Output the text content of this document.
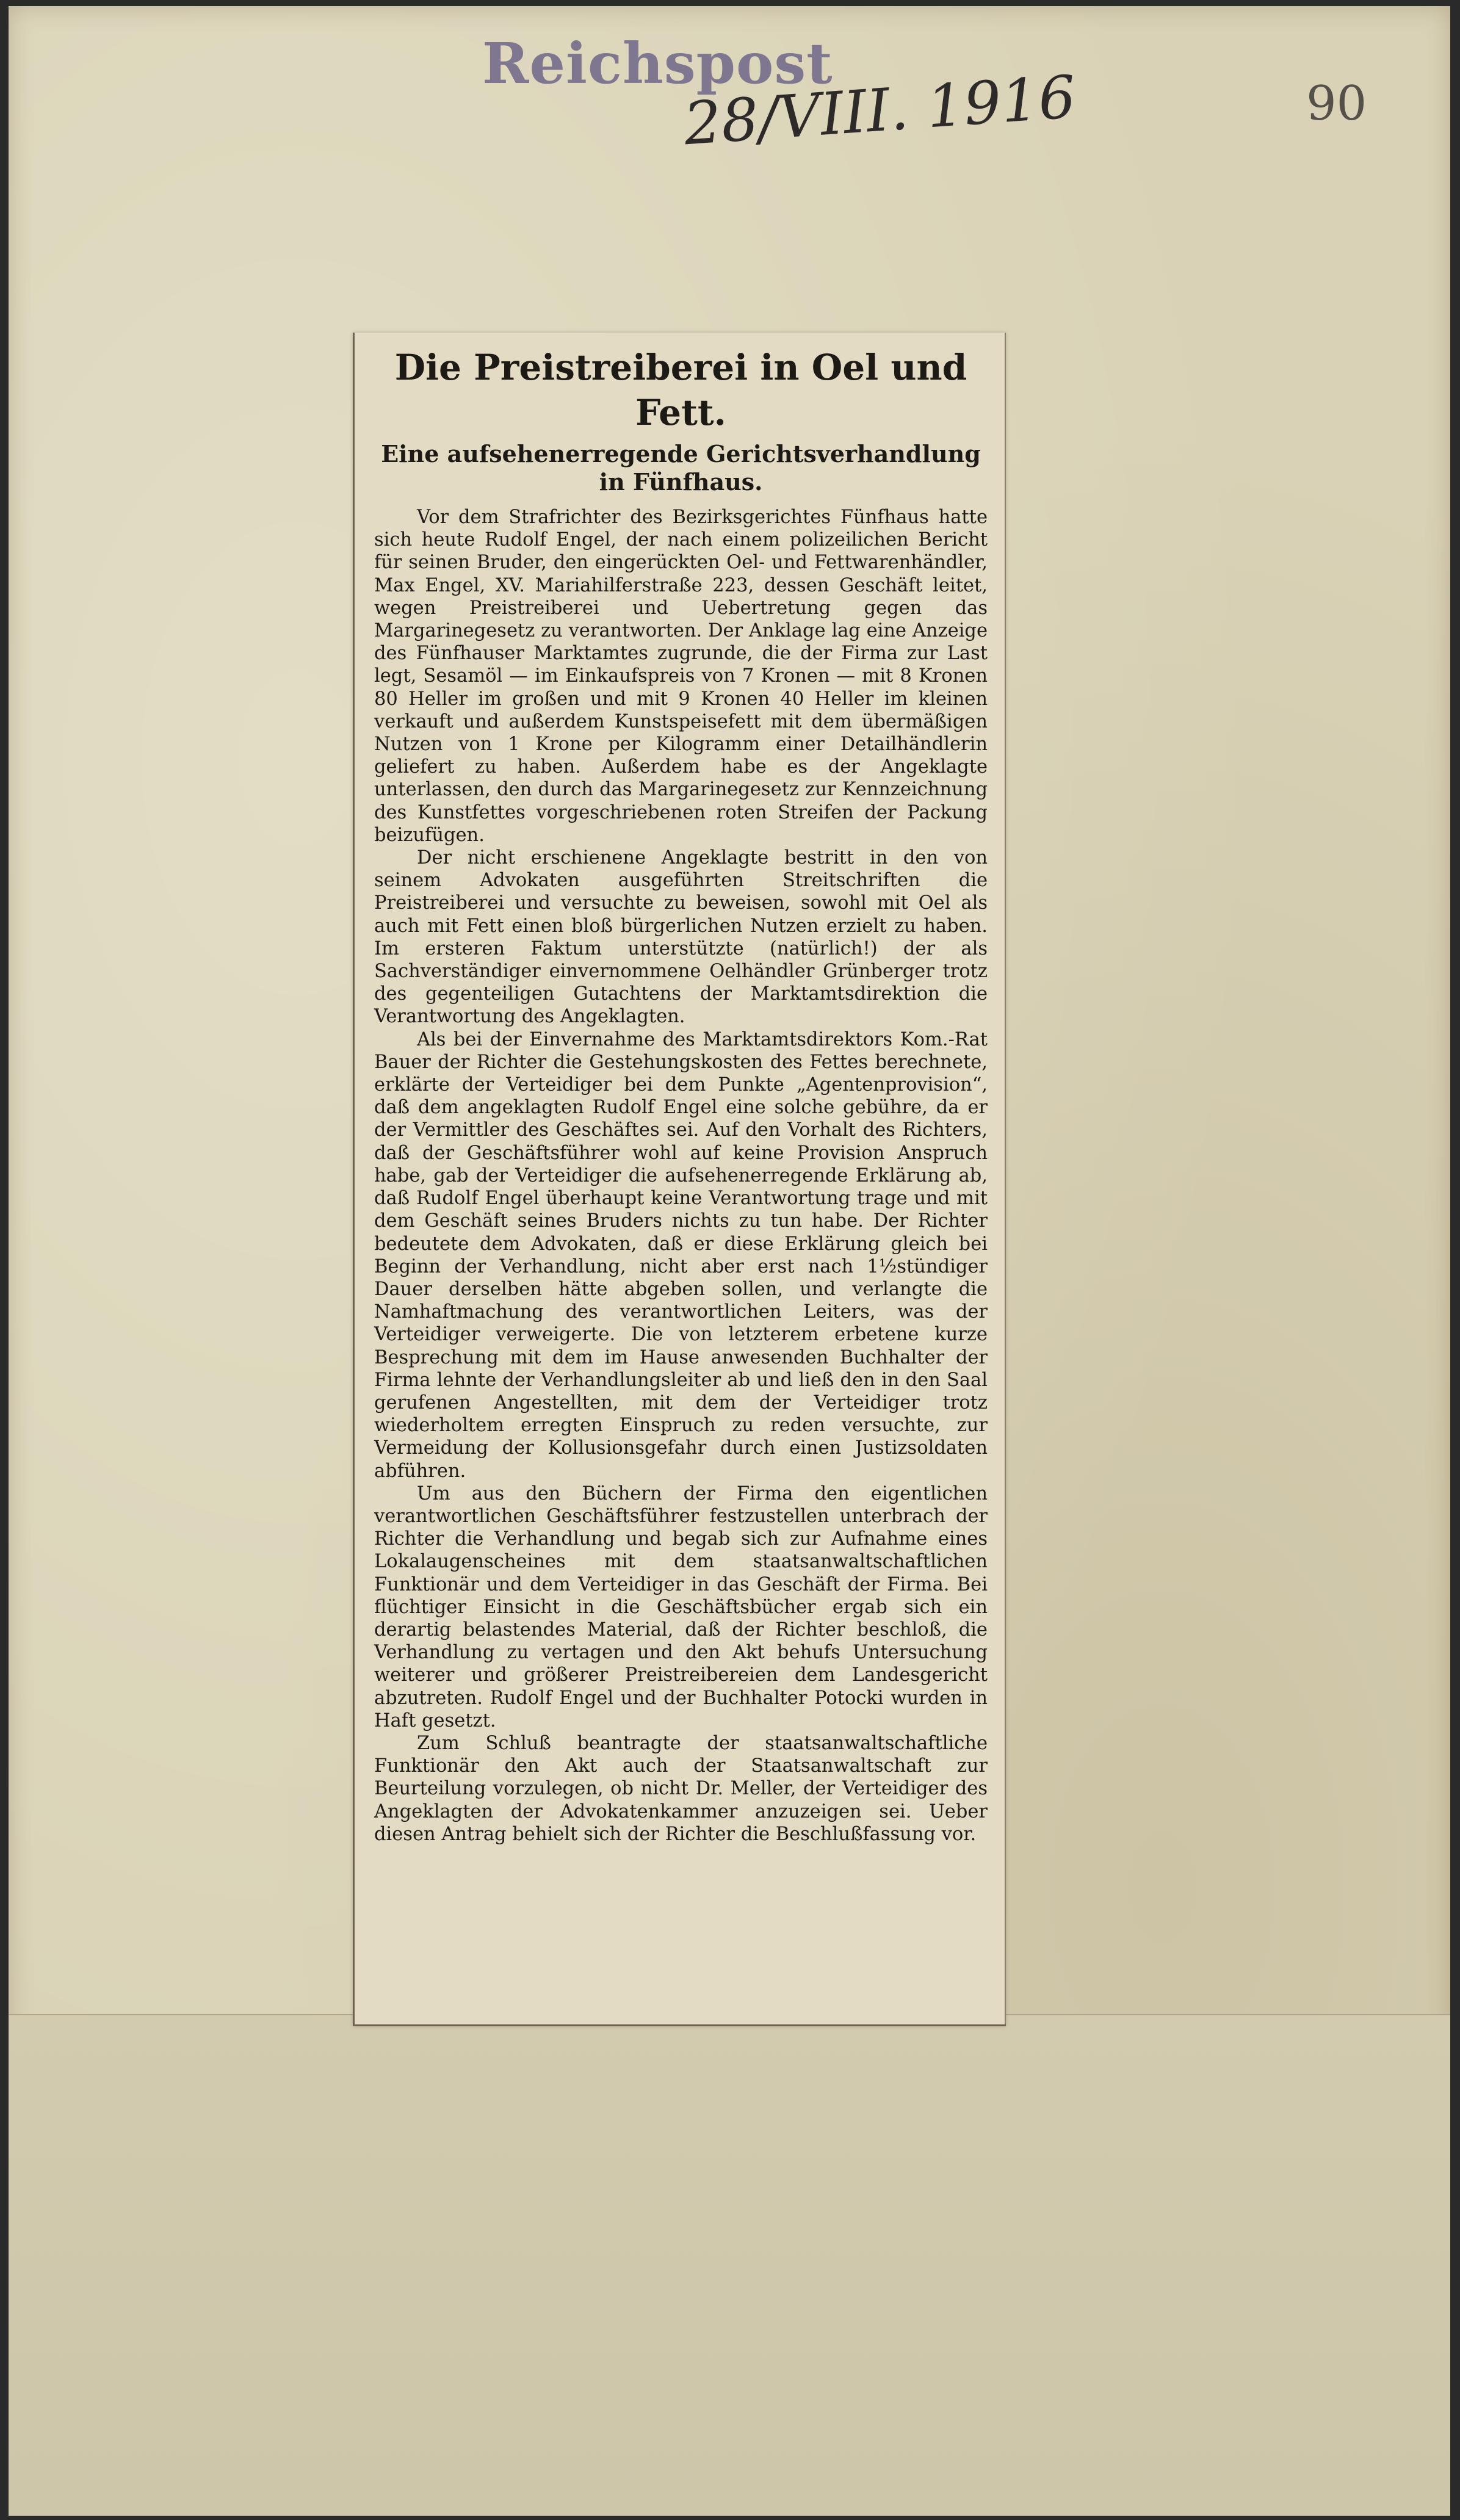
Reichspost
28/VIII. 1916	90
Die Preistreiberei in Oel und Fett.
Eine aufsehenerregende Gerichtsverhandlung in Fünfhaus.

Vor dem Strafrichter des Bezirksgerichtes Fünfhaus hatte sich heute Rudolf Engel, der nach einem polizeilichen Bericht für seinen Bruder, den eingerückten Oel- und Fettwarenhändler, Max Engel, XV. Mariahilferstraße 223, dessen Geschäft leitet, wegen Preistreiberei und Uebertretung gegen das Margarinegesetz zu verantworten. Der Anklage lag eine Anzeige des Fünfhauser Marktamtes zugrunde, die der Firma zur Last legt, Sesamöl — im Einkaufspreis von 7 Kronen — mit 8 Kronen 80 Heller im großen und mit 9 Kronen 40 Heller im kleinen verkauft und außerdem Kunstspeisefett mit dem übermäßigen Nutzen von 1 Krone per Kilogramm einer Detailhändlerin geliefert zu haben. Außerdem habe es der Angeklagte unterlassen, den durch das Margarinegesetz zur Kennzeichnung des Kunstfettes vorgeschriebenen roten Streifen der Packung beizufügen.

Der nicht erschienene Angeklagte bestritt in den von seinem Advokaten ausgeführten Streitschriften die Preistreiberei und versuchte zu beweisen, sowohl mit Oel als auch mit Fett einen bloß bürgerlichen Nutzen erzielt zu haben. Im ersteren Faktum unterstützte (natürlich!) der als Sachverständiger einvernommene Oelhändler Grünberger trotz des gegenteiligen Gutachtens der Marktamtsdirektion die Verantwortung des Angeklagten.

Als bei der Einvernahme des Marktamtsdirektors Kom.-Rat Bauer der Richter die Gestehungskosten des Fettes berechnete, erklärte der Verteidiger bei dem Punkte „Agentenprovision“, daß dem angeklagten Rudolf Engel eine solche gebühre, da er der Vermittler des Geschäftes sei. Auf den Vorhalt des Richters, daß der Geschäftsführer wohl auf keine Provision Anspruch habe, gab der Verteidiger die aufsehenerregende Erklärung ab, daß Rudolf Engel überhaupt keine Verantwortung trage und mit dem Geschäft seines Bruders nichts zu tun habe. Der Richter bedeutete dem Advokaten, daß er diese Erklärung gleich bei Beginn der Verhandlung, nicht aber erst nach 1½stündiger Dauer derselben hätte abgeben sollen, und verlangte die Namhaftmachung des verantwortlichen Leiters, was der Verteidiger verweigerte. Die von letzterem erbetene kurze Besprechung mit dem im Hause anwesenden Buchhalter der Firma lehnte der Verhandlungsleiter ab und ließ den in den Saal gerufenen Angestellten, mit dem der Verteidiger trotz wiederholtem erregten Einspruch zu reden versuchte, zur Vermeidung der Kollusionsgefahr durch einen Justizsoldaten abführen.

Um aus den Büchern der Firma den eigentlichen verantwortlichen Geschäftsführer festzustellen unterbrach der Richter die Verhandlung und begab sich zur Aufnahme eines Lokalaugenscheines mit dem staatsanwaltschaftlichen Funktionär und dem Verteidiger in das Geschäft der Firma. Bei flüchtiger Einsicht in die Geschäftsbücher ergab sich ein derartig belastendes Material, daß der Richter beschloß, die Verhandlung zu vertagen und den Akt behufs Untersuchung weiterer und größerer Preistreibereien dem Landesgericht abzutreten. Rudolf Engel und der Buchhalter Potocki wurden in Haft gesetzt.

Zum Schluß beantragte der staatsanwaltschaftliche Funktionär den Akt auch der Staatsanwaltschaft zur Beurteilung vorzulegen, ob nicht Dr. Meller, der Verteidiger des Angeklagten der Advokatenkammer anzuzeigen sei. Ueber diesen Antrag behielt sich der Richter die Beschlußfassung vor.
